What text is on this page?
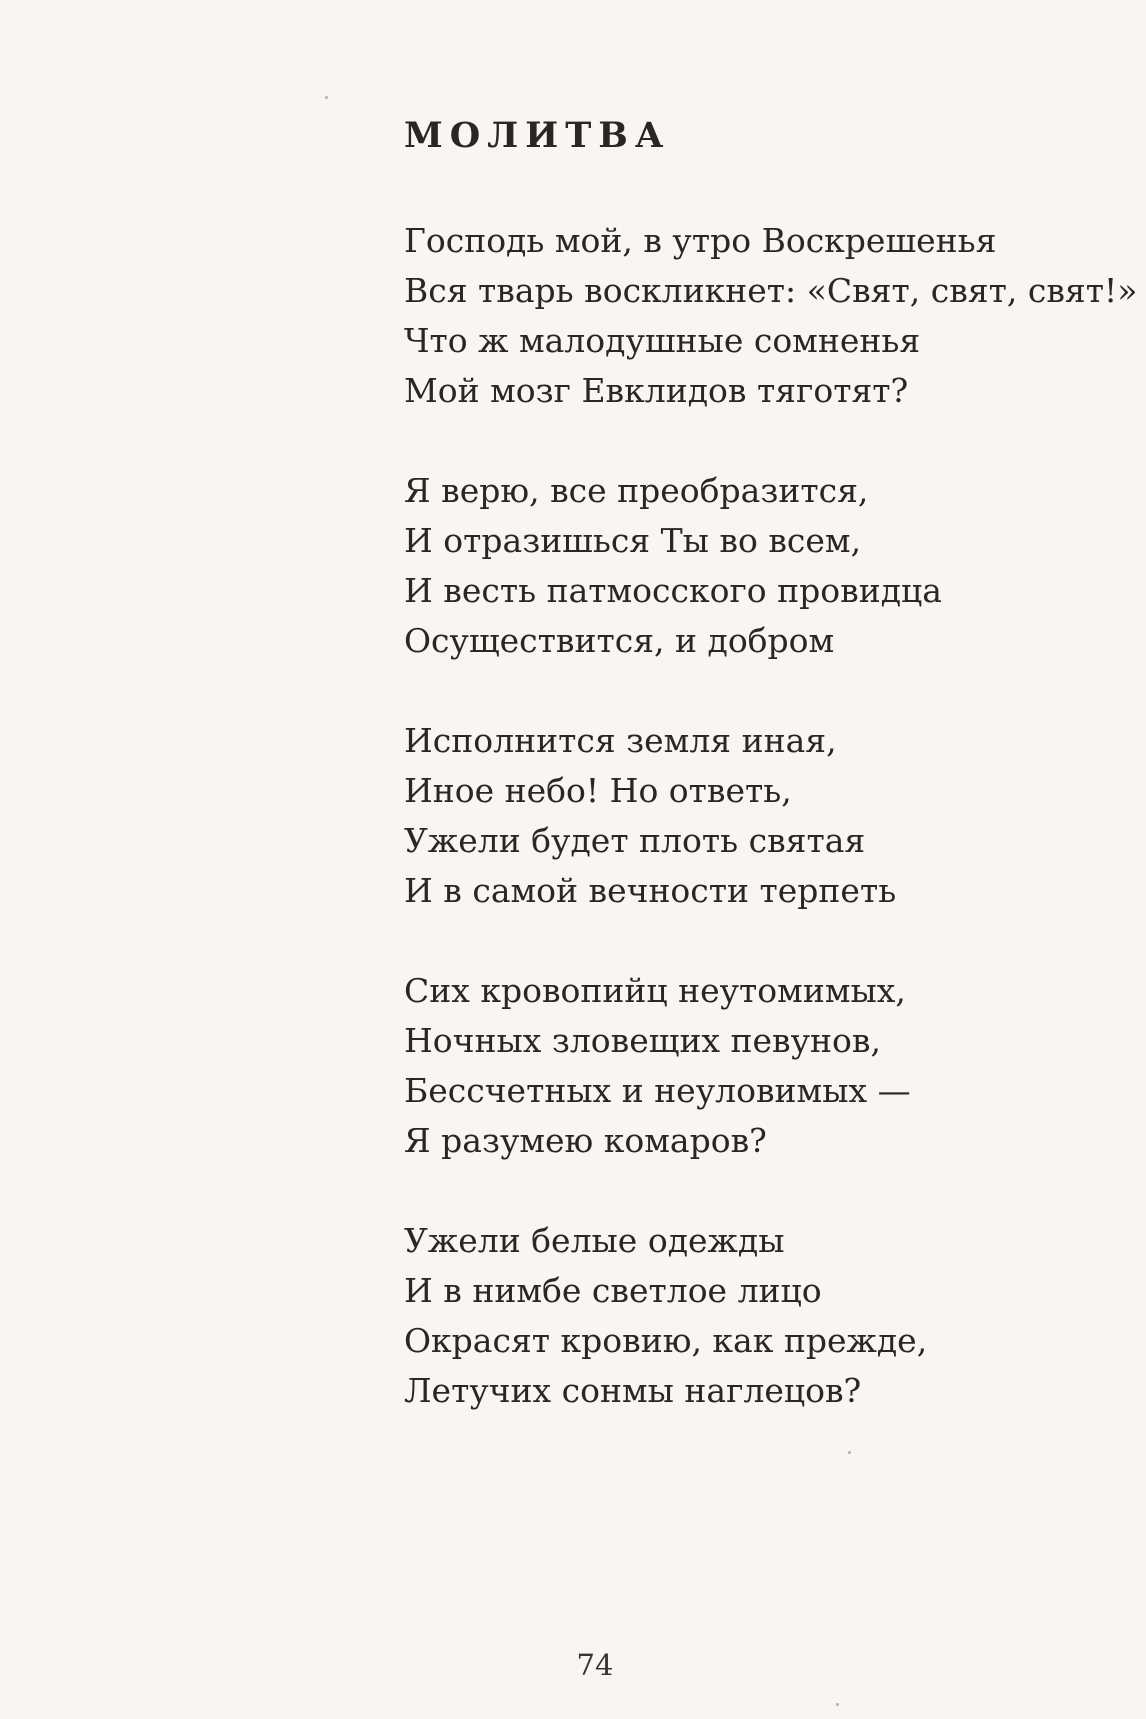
МОЛИТВА
Господь мой, в утро Воскрешенья
Вся тварь воскликнет: «Свят, свят, свят!»
Что ж малодушные сомненья
Мой мозг Евклидов тяготят?
Я верю, все преобразится,
И отразишься Ты во всем,
И весть патмосского провидца
Осуществится, и добром
Исполнится земля иная,
Иное небо! Но ответь,
Ужели будет плоть святая
И в самой вечности терпеть
Сих кровопийц неутомимых,
Ночных зловещих певунов,
Бессчетных и неуловимых —
Я разумею комаров?
Ужели белые одежды
И в нимбе светлое лицо
Окрасят кровию, как прежде,
Летучих сонмы наглецов?
74
